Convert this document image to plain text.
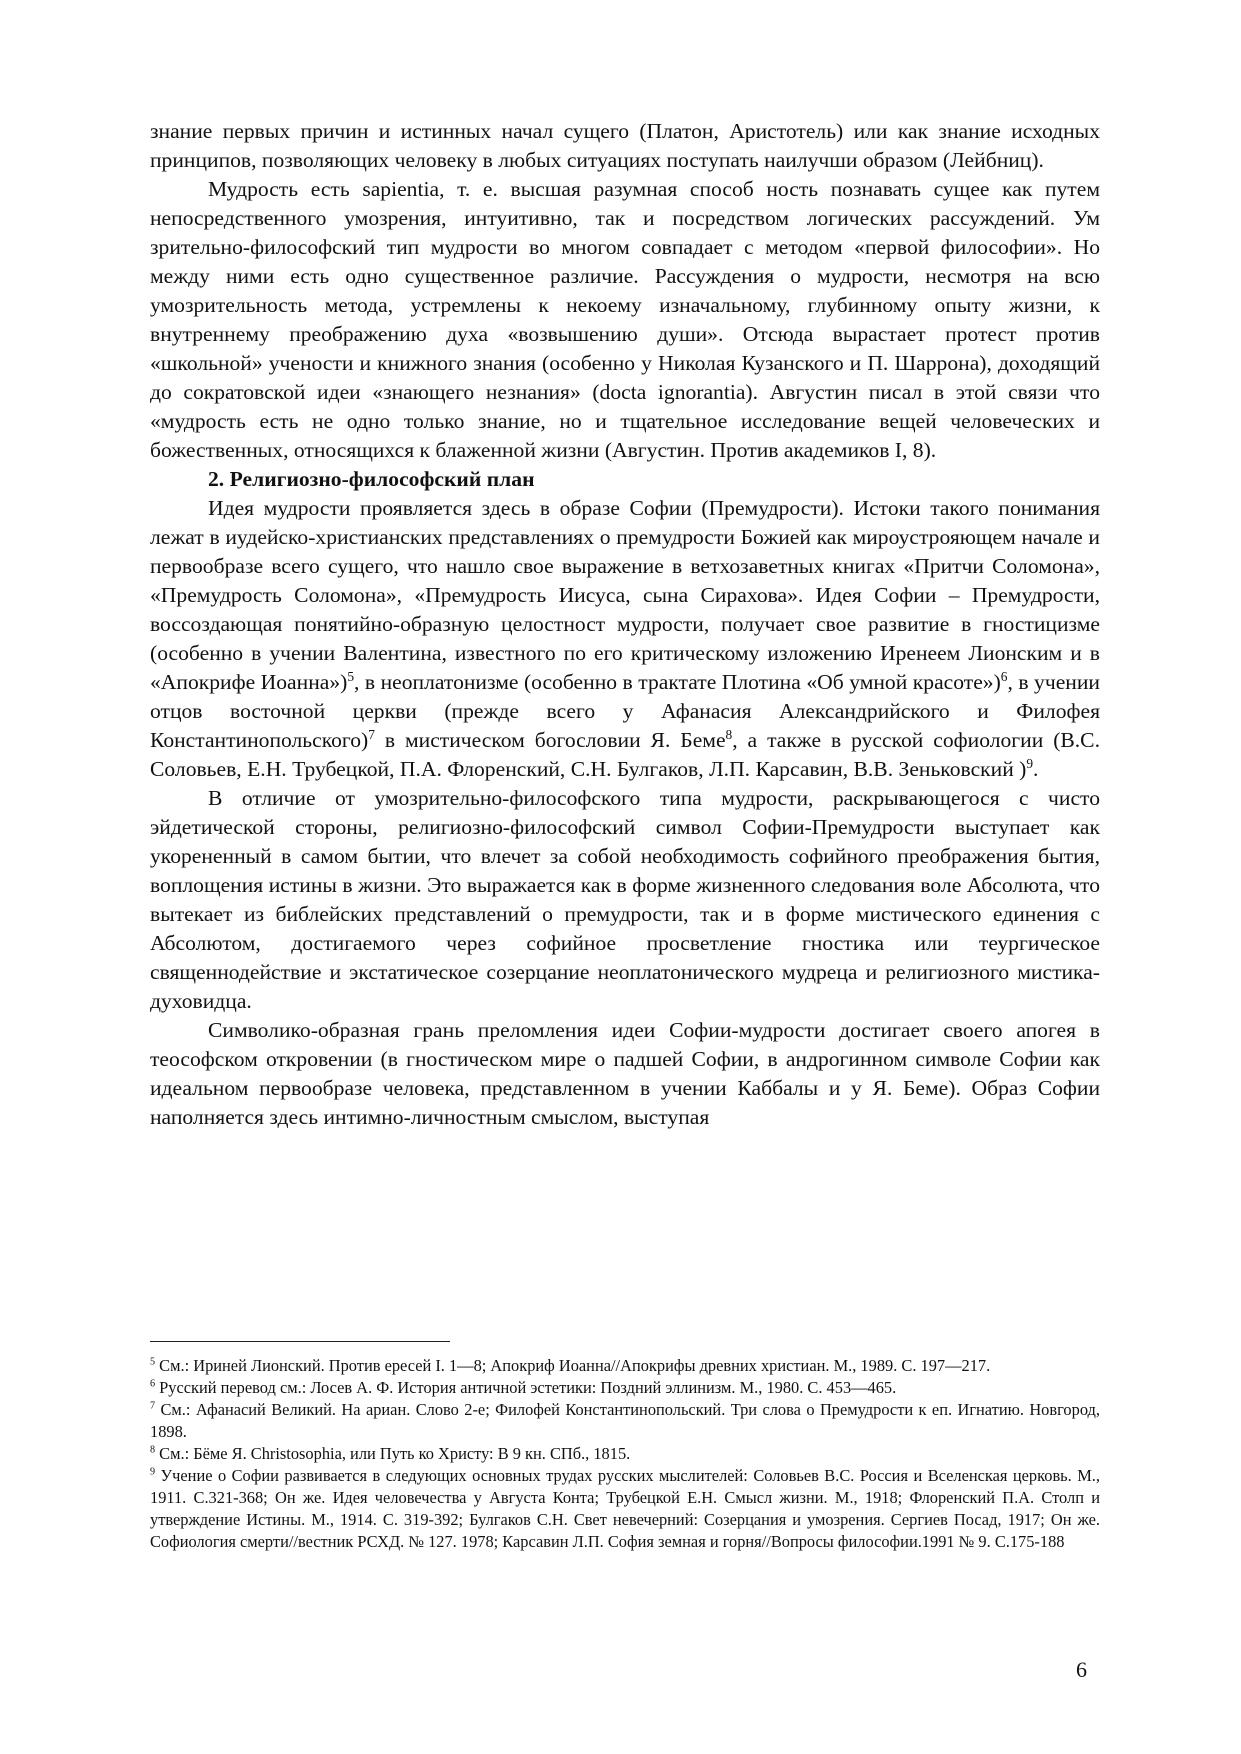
знание первых причин и истинных начал сущего (Платон, Аристотель) или как знание исходных принципов, позволяющих человеку в любых ситуациях поступать наилучши образом (Лейбниц).

Мудрость есть sapientia, т. е. высшая разумная способ ность познавать сущее как путем непосредственного умозрения, интуитивно, так и посредством логических рассуждений. Ум зрительно-философский тип мудрости во многом совпадает с методом «первой философии». Но между ними есть одно существенное различие. Рассуждения о мудрости, несмотря на всю умозрительность метода, устремлены к некоему изначальному, глубинному опыту жизни, к внутреннему преображению духа «возвышению души». Отсюда вырастает протест против «школьной» учености и книжного знания (особенно у Николая Кузанского и П. Шаррона), доходящий до сократовской идеи «знающего незнания» (docta ignorantia). Августин писал в этой связи что «мудрость есть не одно только знание, но и тщательное исследование вещей человеческих и божественных, относящихся к блаженной жизни (Августин. Против академиков I, 8).

2. Религиозно-философский план

Идея мудрости проявляется здесь в образе Софии (Премудрости). Истоки такого понимания лежат в иудейско-христианских представлениях о премудрости Божией как мироустрояющем начале и первообразе всего сущего, что нашло свое выражение в ветхозаветных книгах «Притчи Соломона», «Премудрость Соломона», «Премудрость Иисуса, сына Сирахова». Идея Софии – Премудрости, воссоздающая понятийно-образную целостност мудрости, получает свое развитие в гностицизме (особенно в учении Валентина, известного по его критическому изложению Иренеем Лионским и в «Апокрифе Иоанна»)$^5$, в неоплатонизме (особенно в трактате Плотина «Об умной красоте»)$^6$, в учении отцов восточной церкви (прежде всего у Афанасия Александрийского и Филофея Константинопольского)$^7$ в мистическом богословии Я. Беме$^8$, а также в русской софиологии (В.С. Соловьев, Е.Н. Трубецкой, П.А. Флоренский, С.Н. Булгаков, Л.П. Карсавин, В.В. Зеньковский )$^9$.

В отличие от умозрительно-философского типа мудрости, раскрывающегося с чисто эйдетической стороны, религиозно-философский символ Софии-Премудрости выступает как укорененный в самом бытии, что влечет за собой необходимость софийного преображения бытия, воплощения истины в жизни. Это выражается как в форме жизненного следования воле Абсолюта, что вытекает из библейских представлений о премудрости, так и в форме мистического единения с Абсолютом, достигаемого через софийное просветление гностика или теургическое священнодействие и экстатическое созерцание неоплатонического мудреца и религиозного мистика-духовидца.

Символико-образная грань преломления идеи Софии-мудрости достигает своего апогея в теософском откровении (в гностическом мире о падшей Софии, в андрогинном символе Софии как идеальном первообразе человека, представленном в учении Каббалы и у Я. Беме). Образ Софии наполняется здесь интимно-личностным смыслом, выступая

$^5$ См.: Ириней Лионский. Против ересей I. 1—8; Апокриф Иоанна//Апокрифы древних христиан. М., 1989. С. 197—217.

$^6$ Русский перевод см.: Лосев А. Ф. История античной эстетики: Поздний эллинизм. М., 1980. С. 453—465.

$^7$ См.: Афанасий Великий. На ариан. Слово 2-е; Филофей Константинопольский. Три слова о Премудрости к еп. Игнатию. Новгород, 1898.

$^8$ См.: Бёме Я. Christosophia, или Путь ко Христу: В 9 кн. СПб., 1815.

$^9$ Учение о Софии развивается в следующих основных трудах русских мыслителей: Соловьев В.С. Россия и Вселенская церковь. М., 1911. С.321-368; Он же. Идея человечества у Августа Конта; Трубецкой Е.Н. Смысл жизни. М., 1918; Флоренский П.А. Столп и утверждение Истины. М., 1914. С. 319-392; Булгаков С.Н. Свет невечерний: Созерцания и умозрения. Сергиев Посад, 1917; Он же. Софиология смерти//вестник РСХД. № 127. 1978; Карсавин Л.П. София земная и горня//Вопросы философии.1991 № 9. С.175-188

6
